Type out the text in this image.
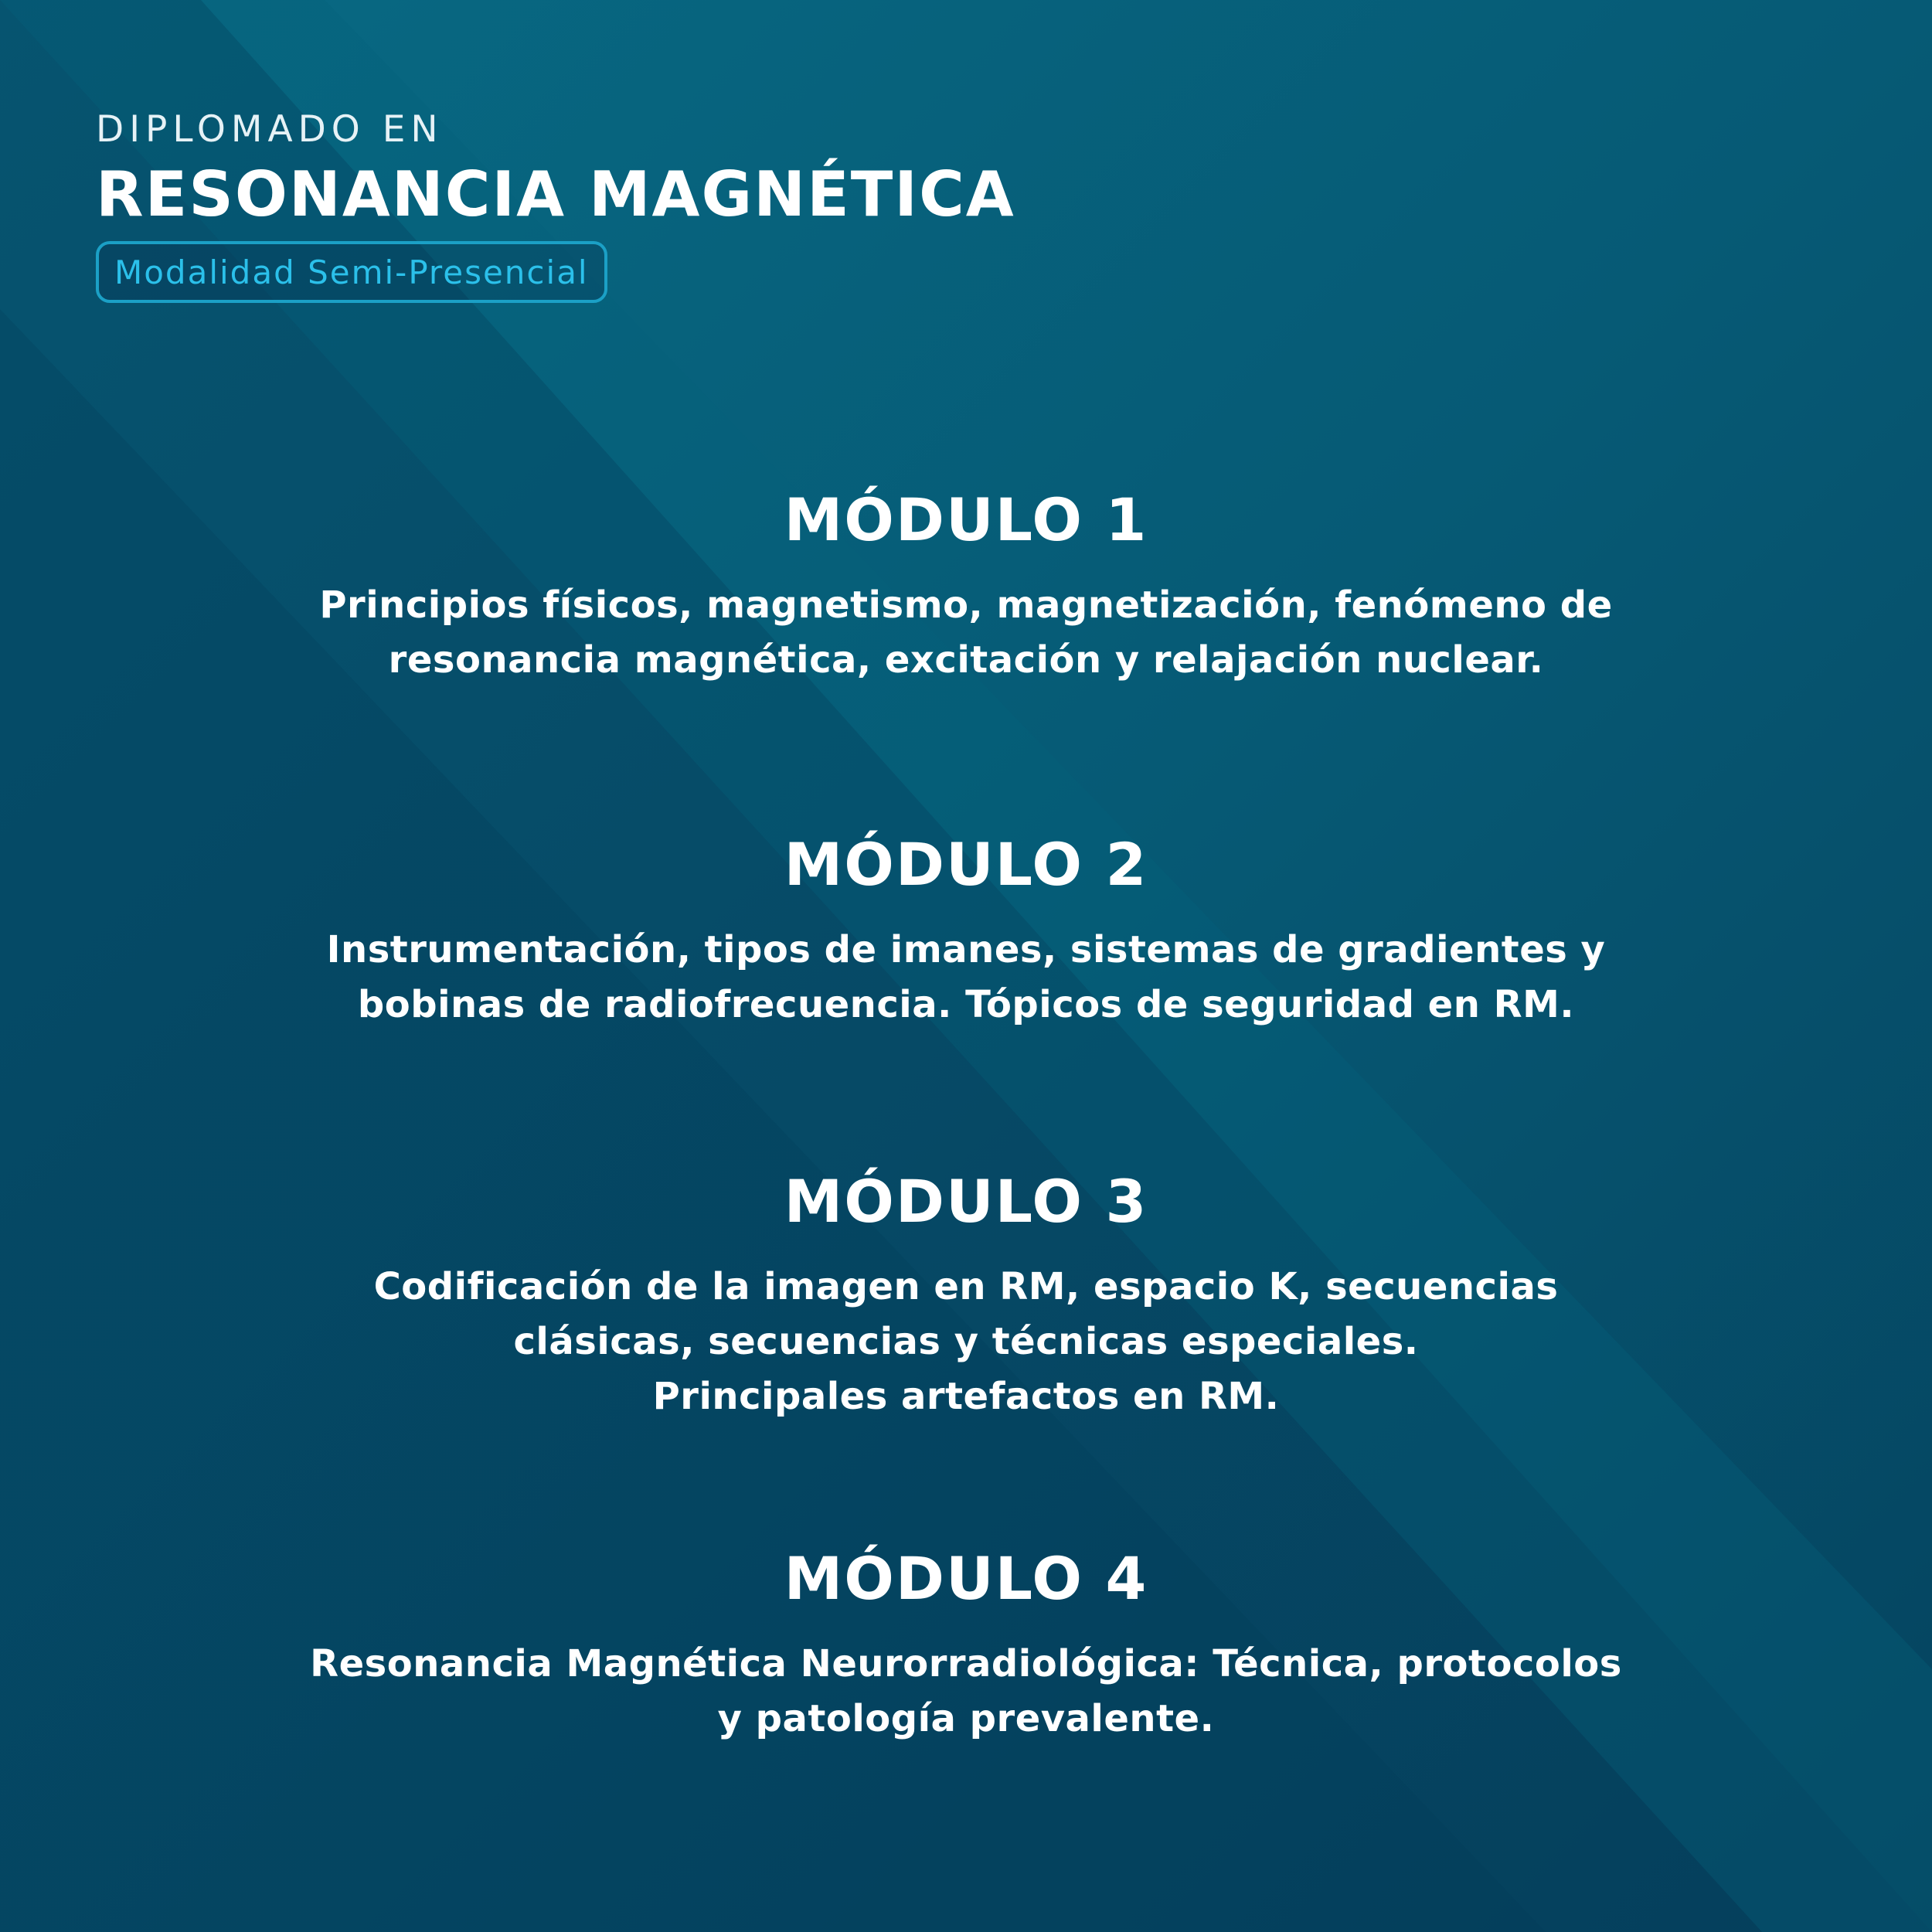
DIPLOMADO EN
RESONANCIA MAGNÉTICA
Modalidad Semi-Presencial
MÓDULO 1
Principios físicos, magnetismo, magnetización, fenómeno de
resonancia magnética, excitación y relajación nuclear.
MÓDULO 2
Instrumentación, tipos de imanes, sistemas de gradientes y
bobinas de radiofrecuencia. Tópicos de seguridad en RM.
MÓDULO 3
Codificación de la imagen en RM, espacio K, secuencias
clásicas, secuencias y técnicas especiales.
Principales artefactos en RM.
MÓDULO 4
Resonancia Magnética Neurorradiológica: Técnica, protocolos
y patología prevalente.
